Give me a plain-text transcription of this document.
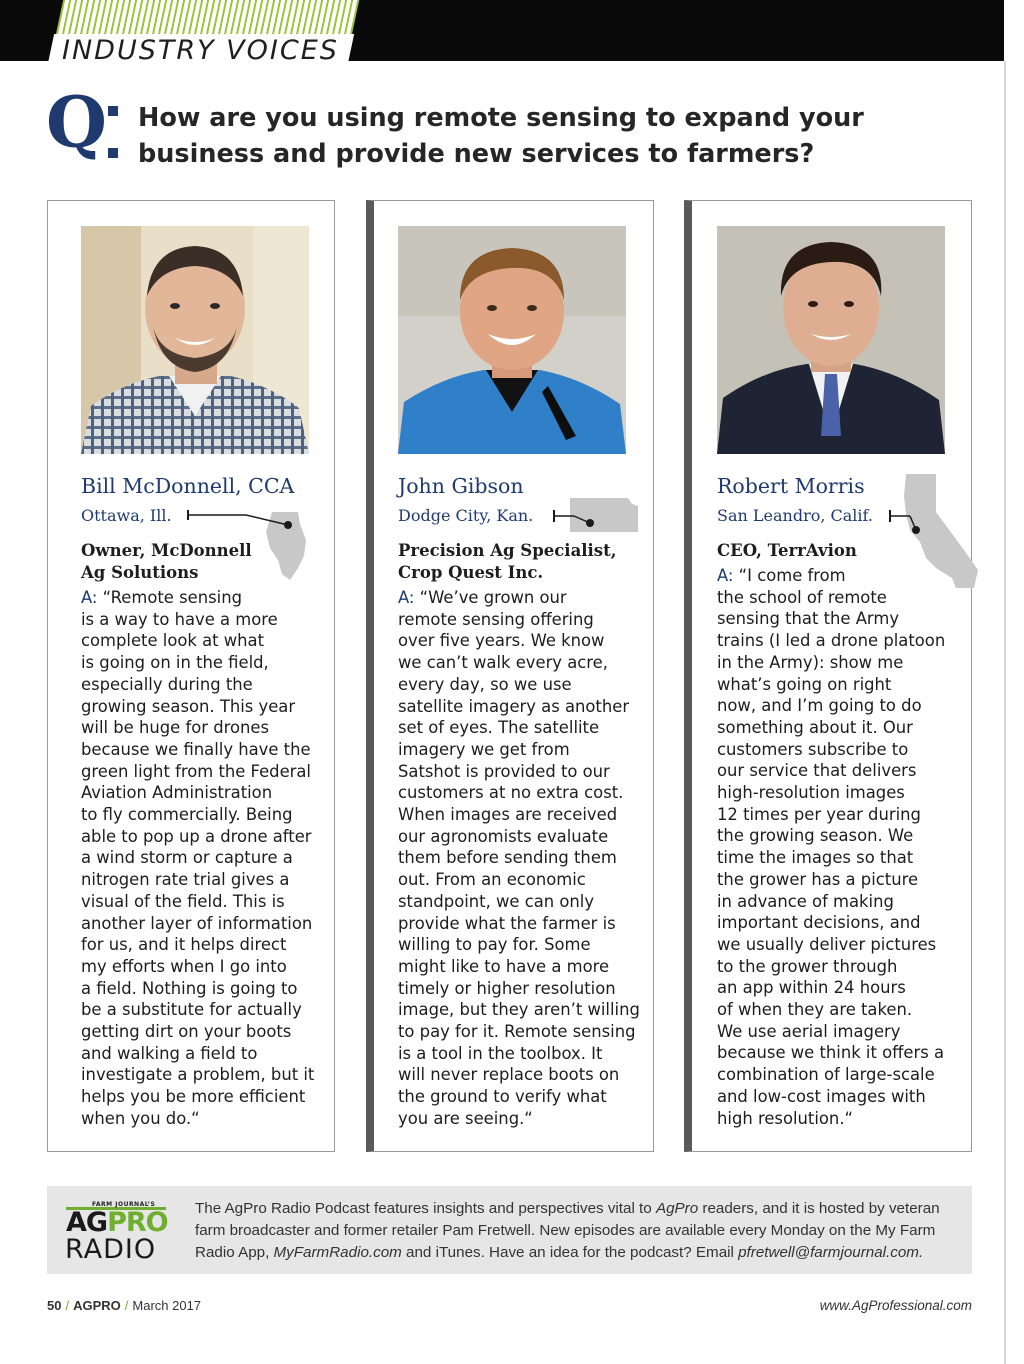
INDUSTRY VOICES
Q How are you using remote sensing to expand your business and provide new services to farmers?
Bill McDonnell, CCA
Ottawa, Ill.
Owner, McDonnell
Ag Solutions
A: “Remote sensing
is a way to have a more
complete look at what
is going on in the field,
especially during the
growing season. This year
will be huge for drones
because we finally have the
green light from the Federal
Aviation Administration
to fly commercially. Being
able to pop up a drone after
a wind storm or capture a
nitrogen rate trial gives a
visual of the field. This is
another layer of information
for us, and it helps direct
my efforts when I go into
a field. Nothing is going to
be a substitute for actually
getting dirt on your boots
and walking a field to
investigate a problem, but it
helps you be more efficient
when you do.“
John Gibson
Dodge City, Kan.
Precision Ag Specialist,
Crop Quest Inc.
A: “We’ve grown our
remote sensing offering
over five years. We know
we can’t walk every acre,
every day, so we use
satellite imagery as another
set of eyes. The satellite
imagery we get from
Satshot is provided to our
customers at no extra cost.
When images are received
our agronomists evaluate
them before sending them
out. From an economic
standpoint, we can only
provide what the farmer is
willing to pay for. Some
might like to have a more
timely or higher resolution
image, but they aren’t willing
to pay for it. Remote sensing
is a tool in the toolbox. It
will never replace boots on
the ground to verify what
you are seeing.“
Robert Morris
San Leandro, Calif.
CEO, TerrAvion
A: “I come from
the school of remote
sensing that the Army
trains (I led a drone platoon
in the Army): show me
what’s going on right
now, and I’m going to do
something about it. Our
customers subscribe to
our service that delivers
high-resolution images
12 times per year during
the growing season. We
time the images so that
the grower has a picture
in advance of making
important decisions, and
we usually deliver pictures
to the grower through
an app within 24 hours
of when they are taken.
We use aerial imagery
because we think it offers a
combination of large-scale
and low-cost images with
high resolution.“
FARM JOURNAL’S
AGPRO
RADIO
The AgPro Radio Podcast features insights and perspectives vital to AgPro readers, and it is hosted by veteran
farm broadcaster and former retailer Pam Fretwell. New episodes are available every Monday on the My Farm
Radio App, MyFarmRadio.com and iTunes. Have an idea for the podcast? Email pfretwell@farmjournal.com.
50 / AGPRO / March 2017	www.AgProfessional.com
